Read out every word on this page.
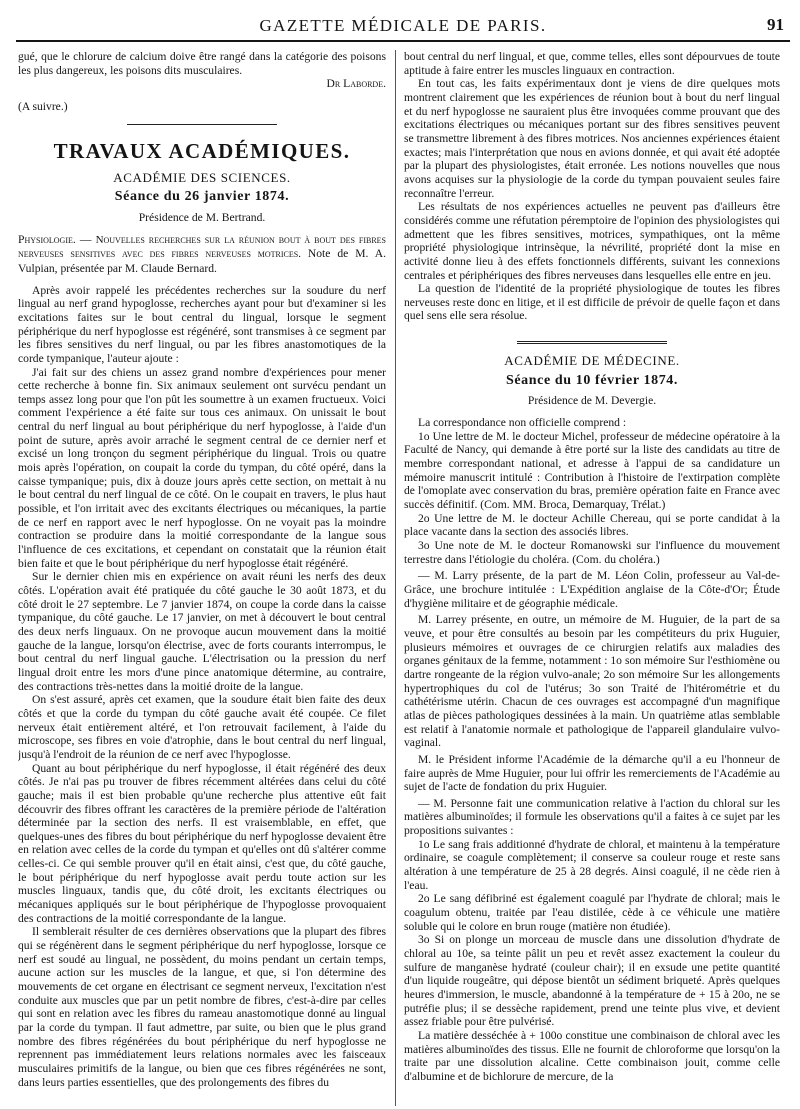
GAZETTE MÉDICALE DE PARIS.	91

gué, que le chlorure de calcium doive être rangé dans la catégorie des poisons les plus dangereux, les poisons dits musculaires.

Dr Laborde.

(A suivre.)

TRAVAUX ACADÉMIQUES.

ACADÉMIE DES SCIENCES.

Séance du 26 janvier 1874.

Présidence de M. Bertrand.

Physiologie. — Nouvelles recherches sur la réunion bout à bout des fibres nerveuses sensitives avec des fibres nerveuses motrices. Note de M. A. Vulpian, présentée par M. Claude Bernard.

Après avoir rappelé les précédentes recherches sur la soudure du nerf lingual au nerf grand hypoglosse, recherches ayant pour but d'examiner si les excitations faites sur le bout central du lingual, lorsque le segment périphérique du nerf hypoglosse est régénéré, sont transmises à ce segment par les fibres sensitives du nerf lingual, ou par les fibres anastomotiques de la corde tympanique, l'auteur ajoute :

J'ai fait sur des chiens un assez grand nombre d'expériences pour mener cette recherche à bonne fin. Six animaux seulement ont survécu pendant un temps assez long pour que l'on pût les soumettre à un examen fructueux. Voici comment l'expérience a été faite sur tous ces animaux. On unissait le bout central du nerf lingual au bout périphérique du nerf hypoglosse, à l'aide d'un point de suture, après avoir arraché le segment central de ce dernier nerf et excisé un long tronçon du segment périphérique du lingual. Trois ou quatre mois après l'opération, on coupait la corde du tympan, du côté opéré, dans la caisse tympanique; puis, dix à douze jours après cette section, on mettait à nu le bout central du nerf lingual de ce côté. On le coupait en travers, le plus haut possible, et l'on irritait avec des excitants électriques ou mécaniques, la partie de ce nerf en rapport avec le nerf hypoglosse. On ne voyait pas la moindre contraction se produire dans la moitié correspondante de la langue sous l'influence de ces excitations, et cependant on constatait que la réunion était bien faite et que le bout périphérique du nerf hypoglosse était régénéré.

Sur le dernier chien mis en expérience on avait réuni les nerfs des deux côtés. L'opération avait été pratiquée du côté gauche le 30 août 1873, et du côté droit le 27 septembre. Le 7 janvier 1874, on coupe la corde dans la caisse tympanique, du côté gauche. Le 17 janvier, on met à découvert le bout central des deux nerfs linguaux. On ne provoque aucun mouvement dans la moitié gauche de la langue, lorsqu'on électrise, avec de forts courants interrompus, le bout central du nerf lingual gauche. L'électrisation ou la pression du nerf lingual droit entre les mors d'une pince anatomique détermine, au contraire, des contractions très-nettes dans la moitié droite de la langue.

On s'est assuré, après cet examen, que la soudure était bien faite des deux côtés et que la corde du tympan du côté gauche avait été coupée. Ce filet nerveux était entièrement altéré, et l'on retrouvait facilement, à l'aide du microscope, ses fibres en voie d'atrophie, dans le bout central du nerf lingual, jusqu'à l'endroit de la réunion de ce nerf avec l'hypoglosse.

Quant au bout périphérique du nerf hypoglosse, il était régénéré des deux côtés. Je n'ai pas pu trouver de fibres récemment altérées dans celui du côté gauche; mais il est bien probable qu'une recherche plus attentive eût fait découvrir des fibres offrant les caractères de la première période de l'altération déterminée par la section des nerfs. Il est vraisemblable, en effet, que quelques-unes des fibres du bout périphérique du nerf hypoglosse devaient être en relation avec celles de la corde du tympan et qu'elles ont dû s'altérer comme celles-ci. Ce qui semble prouver qu'il en était ainsi, c'est que, du côté gauche, le bout périphérique du nerf hypoglosse avait perdu toute action sur les muscles linguaux, tandis que, du côté droit, les excitants électriques ou mécaniques appliqués sur le bout périphérique de l'hypoglosse provoquaient des contractions de la moitié correspondante de la langue.

Il semblerait résulter de ces dernières observations que la plupart des fibres qui se régénèrent dans le segment périphérique du nerf hypoglosse, lorsque ce nerf est soudé au lingual, ne possèdent, du moins pendant un certain temps, aucune action sur les muscles de la langue, et que, si l'on détermine des mouvements de cet organe en électrisant ce segment nerveux, l'excitation n'est conduite aux muscles que par un petit nombre de fibres, c'est-à-dire par celles qui sont en relation avec les fibres du rameau anastomotique donné au lingual par la corde du tympan. Il faut admettre, par suite, ou bien que le plus grand nombre des fibres régénérées du bout périphérique du nerf hypoglosse ne reprennent pas immédiatement leurs relations normales avec les faisceaux musculaires primitifs de la langue, ou bien que ces fibres régénérées ne sont, dans leurs parties essentielles, que des prolongements des fibres du

bout central du nerf lingual, et que, comme telles, elles sont dépourvues de toute aptitude à faire entrer les muscles linguaux en contraction.

En tout cas, les faits expérimentaux dont je viens de dire quelques mots montrent clairement que les expériences de réunion bout à bout du nerf lingual et du nerf hypoglosse ne sauraient plus être invoquées comme prouvant que des excitations électriques ou mécaniques portant sur des fibres sensitives peuvent se transmettre librement à des fibres motrices. Nos anciennes expériences étaient exactes; mais l'interprétation que nous en avions donnée, et qui avait été adoptée par la plupart des physiologistes, était erronée. Les notions nouvelles que nous avons acquises sur la physiologie de la corde du tympan pouvaient seules faire reconnaître l'erreur.

Les résultats de nos expériences actuelles ne peuvent pas d'ailleurs être considérés comme une réfutation péremptoire de l'opinion des physiologistes qui admettent que les fibres sensitives, motrices, sympathiques, ont la même propriété physiologique intrinsèque, la névrilité, propriété dont la mise en activité donne lieu à des effets fonctionnels différents, suivant les connexions centrales et périphériques des fibres nerveuses dans lesquelles elle entre en jeu.

La question de l'identité de la propriété physiologique de toutes les fibres nerveuses reste donc en litige, et il est difficile de prévoir de quelle façon et dans quel sens elle sera résolue.

ACADÉMIE DE MÉDECINE.

Séance du 10 février 1874.

Présidence de M. Devergie.

La correspondance non officielle comprend :

1o Une lettre de M. le docteur Michel, professeur de médecine opératoire à la Faculté de Nancy, qui demande à être porté sur la liste des candidats au titre de membre correspondant national, et adresse à l'appui de sa candidature un mémoire manuscrit intitulé : Contribution à l'histoire de l'extirpation complète de l'omoplate avec conservation du bras, première opération faite en France avec succès définitif. (Com. MM. Broca, Demarquay, Trélat.)

2o Une lettre de M. le docteur Achille Chereau, qui se porte candidat à la place vacante dans la section des associés libres.

3o Une note de M. le docteur Romanowski sur l'influence du mouvement terrestre dans l'étiologie du choléra. (Com. du choléra.)

— M. Larry présente, de la part de M. Léon Colin, professeur au Val-de-Grâce, une brochure intitulée : L'Expédition anglaise de la Côte-d'Or; Étude d'hygiène militaire et de géographie médicale.

M. Larrey présente, en outre, un mémoire de M. Huguier, de la part de sa veuve, et pour être consultés au besoin par les compétiteurs du prix Huguier, plusieurs mémoires et ouvrages de ce chirurgien relatifs aux maladies des organes génitaux de la femme, notamment : 1o son mémoire Sur l'esthiomène ou dartre rongeante de la région vulvo-anale; 2o son mémoire Sur les allongements hypertrophiques du col de l'utérus; 3o son Traité de l'hitérométrie et du cathétérisme utérin. Chacun de ces ouvrages est accompagné d'un magnifique atlas de pièces pathologiques dessinées à la main. Un quatrième atlas semblable est relatif à l'anatomie normale et pathologique de l'appareil glandulaire vulvo-vaginal.

M. le Président informe l'Académie de la démarche qu'il a eu l'honneur de faire auprès de Mme Huguier, pour lui offrir les remerciements de l'Académie au sujet de l'acte de fondation du prix Huguier.

— M. Personne fait une communication relative à l'action du chloral sur les matières albuminoïdes; il formule les observations qu'il a faites à ce sujet par les propositions suivantes :

1o Le sang frais additionné d'hydrate de chloral, et maintenu à la température ordinaire, se coagule complètement; il conserve sa couleur rouge et reste sans altération à une température de 25 à 28 degrés. Ainsi coagulé, il ne cède rien à l'eau.

2o Le sang défibriné est également coagulé par l'hydrate de chloral; mais le coagulum obtenu, traitée par l'eau distilée, cède à ce véhicule une matière soluble qui le colore en brun rouge (matière non étudiée).

3o Si on plonge un morceau de muscle dans une dissolution d'hydrate de chloral au 10e, sa teinte pâlit un peu et revêt assez exactement la couleur du sulfure de manganèse hydraté (couleur chair); il en exsude une petite quantité d'un liquide rougeâtre, qui dépose bientôt un sédiment briqueté. Après quelques heures d'immersion, le muscle, abandonné à la température de + 15 à 20o, ne se putréfie plus; il se dessèche rapidement, prend une teinte plus vive, et devient assez friable pour être pulvérisé.

La matière desséchée à + 100o constitue une combinaison de chloral avec les matières albuminoïdes des tissus. Elle ne fournit de chloroforme que lorsqu'on la traite par une dissolution alcaline. Cette combinaison jouit, comme celle d'albumine et de bichlorure de mercure, de la
